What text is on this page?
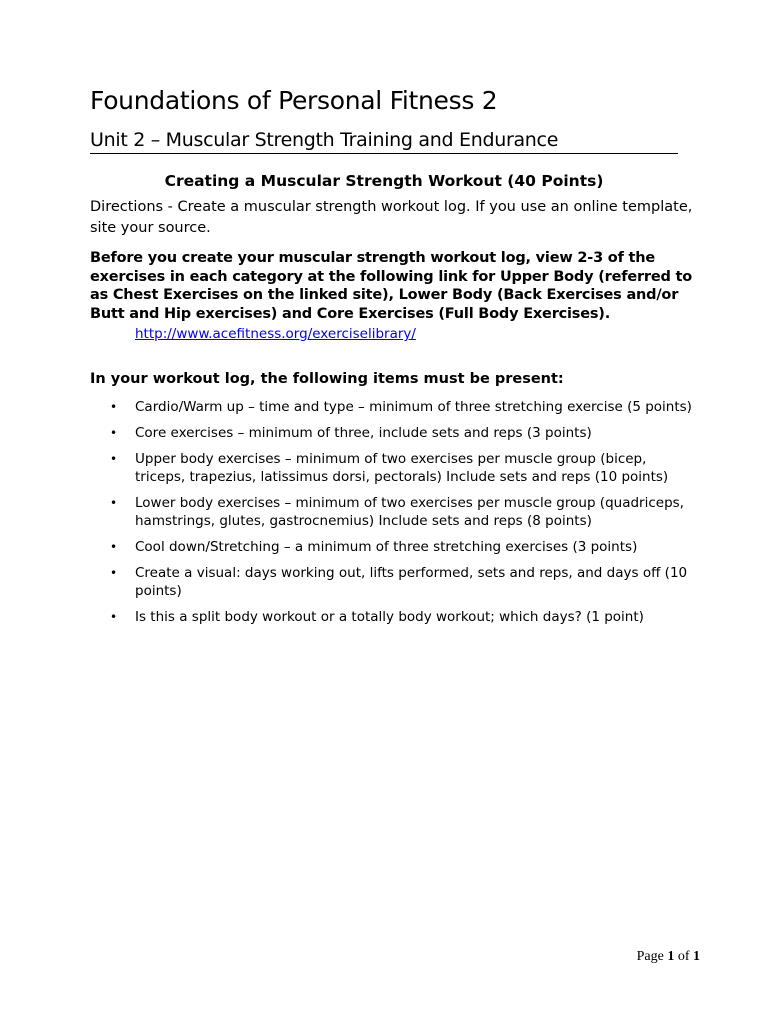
Foundations of Personal Fitness 2
Unit 2 – Muscular Strength Training and Endurance
Creating a Muscular Strength Workout (40 Points)
Directions - Create a muscular strength workout log. If you use an online template, site your source.
Before you create your muscular strength workout log, view 2-3 of the exercises in each category at the following link for Upper Body (referred to as Chest Exercises on the linked site), Lower Body (Back Exercises and/or Butt and Hip exercises) and Core Exercises (Full Body Exercises).
http://www.acefitness.org/exerciselibrary/
In your workout log, the following items must be present:
• Cardio/Warm up – time and type – minimum of three stretching exercise (5 points)
• Core exercises – minimum of three, include sets and reps (3 points)
• Upper body exercises – minimum of two exercises per muscle group (bicep, triceps, trapezius, latissimus dorsi, pectorals) Include sets and reps (10 points)
• Lower body exercises – minimum of two exercises per muscle group (quadriceps, hamstrings, glutes, gastrocnemius) Include sets and reps (8 points)
• Cool down/Stretching – a minimum of three stretching exercises (3 points)
• Create a visual: days working out, lifts performed, sets and reps, and days off (10 points)
• Is this a split body workout or a totally body workout; which days? (1 point)
Page 1 of 1
